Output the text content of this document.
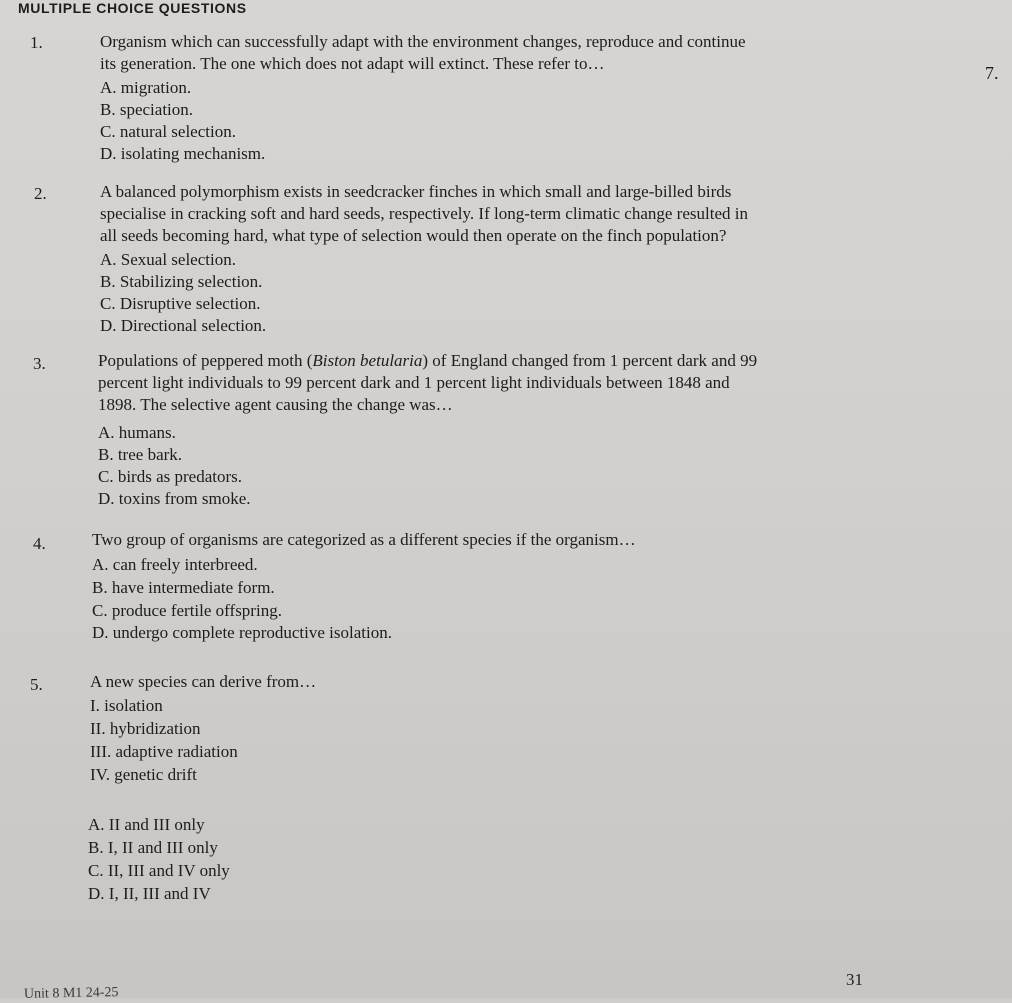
MULTIPLE CHOICE QUESTIONS
7.
1.	Organism which can successfully adapt with the environment changes, reproduce and continue
its generation. The one which does not adapt will extinct. These refer to…
A. migration.
B. speciation.
C. natural selection.
D. isolating mechanism.
2.	A balanced polymorphism exists in seedcracker finches in which small and large-billed birds
specialise in cracking soft and hard seeds, respectively. If long-term climatic change resulted in
all seeds becoming hard, what type of selection would then operate on the finch population?
A. Sexual selection.
B. Stabilizing selection.
C. Disruptive selection.
D. Directional selection.
3.	Populations of peppered moth (Biston betularia) of England changed from 1 percent dark and 99
percent light individuals to 99 percent dark and 1 percent light individuals between 1848 and
1898. The selective agent causing the change was…
A. humans.
B. tree bark.
C. birds as predators.
D. toxins from smoke.
4.	Two group of organisms are categorized as a different species if the organism…
A. can freely interbreed.
B. have intermediate form.
C. produce fertile offspring.
D. undergo complete reproductive isolation.
5.	A new species can derive from…
I. isolation
II. hybridization
III. adaptive radiation
IV. genetic drift
A. II and III only
B. I, II and III only
C. II, III and IV only
D. I, II, III and IV
31
Unit 8 M1 24-25
